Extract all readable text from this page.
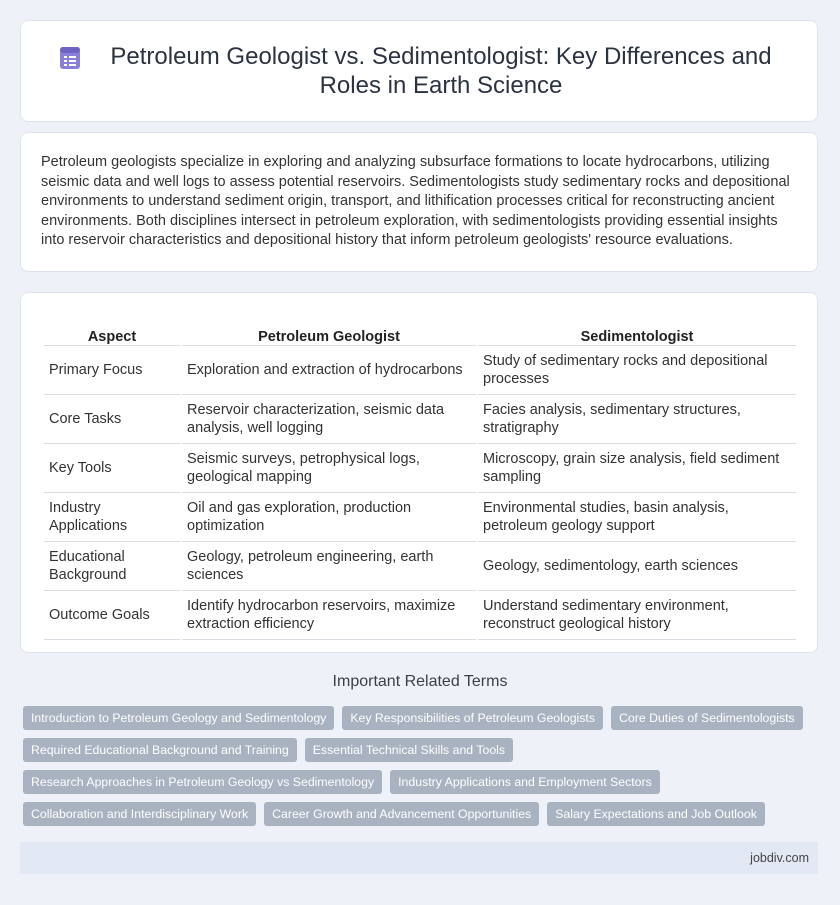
Petroleum Geologist vs. Sedimentologist: Key Differences and Roles in Earth Science

Petroleum geologists specialize in exploring and analyzing subsurface formations to locate hydrocarbons, utilizing seismic data and well logs to assess potential reservoirs. Sedimentologists study sedimentary rocks and depositional environments to understand sediment origin, transport, and lithification processes critical for reconstructing ancient environments. Both disciplines intersect in petroleum exploration, with sedimentologists providing essential insights into reservoir characteristics and depositional history that inform petroleum geologists' resource evaluations.

Aspect	Petroleum Geologist	Sedimentologist
Primary Focus	Exploration and extraction of hydrocarbons	Study of sedimentary rocks and depositional processes
Core Tasks	Reservoir characterization, seismic data analysis, well logging	Facies analysis, sedimentary structures, stratigraphy
Key Tools	Seismic surveys, petrophysical logs, geological mapping	Microscopy, grain size analysis, field sediment sampling
Industry Applications	Oil and gas exploration, production optimization	Environmental studies, basin analysis, petroleum geology support
Educational Background	Geology, petroleum engineering, earth sciences	Geology, sedimentology, earth sciences
Outcome Goals	Identify hydrocarbon reservoirs, maximize extraction efficiency	Understand sedimentary environment, reconstruct geological history
Important Related Terms
Introduction to Petroleum Geology and Sedimentology	Key Responsibilities of Petroleum Geologists	Core Duties of Sedimentologists
Required Educational Background and Training	Essential Technical Skills and Tools
Research Approaches in Petroleum Geology vs Sedimentology	Industry Applications and Employment Sectors
Collaboration and Interdisciplinary Work	Career Growth and Advancement Opportunities	Salary Expectations and Job Outlook
jobdiv.com
